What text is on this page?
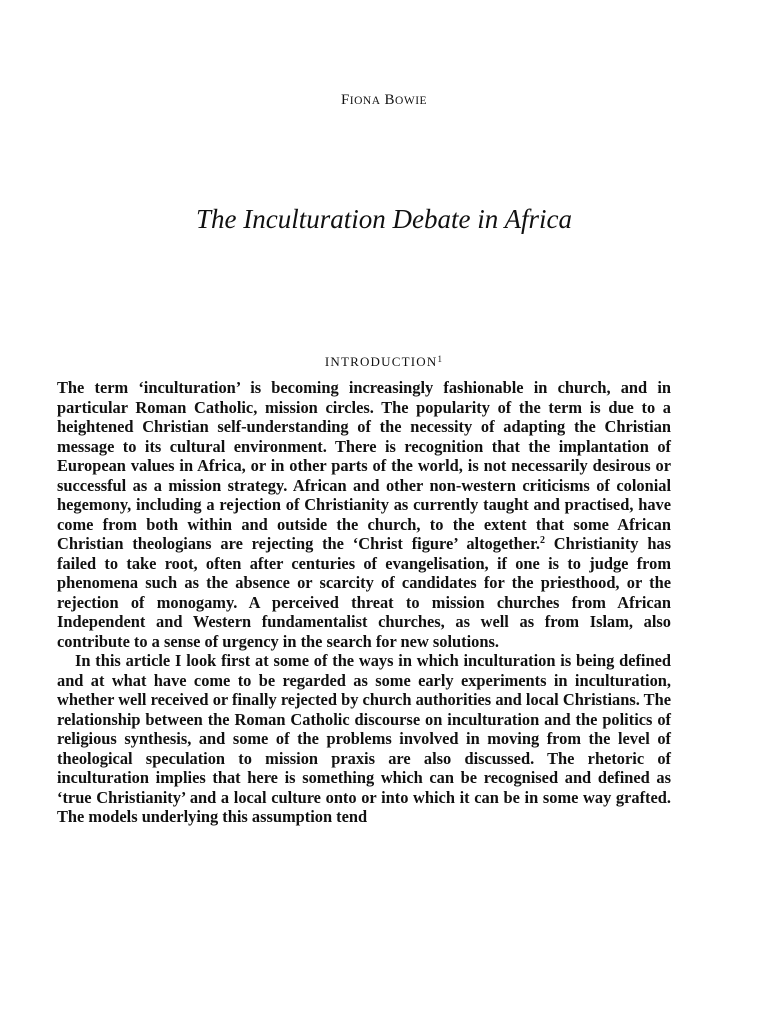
FIONA BOWIE
The Inculturation Debate in Africa
INTRODUCTION$^1$

The term ‘inculturation’ is becoming increasingly fashionable in church, and in particular Roman Catholic, mission circles. The popularity of the term is due to a heightened Christian self-understanding of the necessity of adapting the Christian message to its cultural environment. There is recognition that the implantation of European values in Africa, or in other parts of the world, is not necessarily desirous or successful as a mission strategy. African and other non-western criticisms of colonial hegemony, including a rejection of Christianity as currently taught and practised, have come from both within and outside the church, to the extent that some African Christian theologians are rejecting the ‘Christ figure’ altogether.$^2$ Christianity has failed to take root, often after centuries of evangelisation, if one is to judge from phenomena such as the absence or scarcity of candidates for the priesthood, or the rejection of monogamy. A perceived threat to mission churches from African Independent and Western fundamentalist churches, as well as from Islam, also contribute to a sense of urgency in the search for new solutions.

In this article I look first at some of the ways in which inculturation is being defined and at what have come to be regarded as some early experiments in inculturation, whether well received or finally rejected by church authorities and local Christians. The relationship between the Roman Catholic discourse on inculturation and the politics of religious synthesis, and some of the problems involved in moving from the level of theological speculation to mission praxis are also discussed. The rhetoric of inculturation implies that here is something which can be recognised and defined as ‘true Christianity’ and a local culture onto or into which it can be in some way grafted. The models underlying this assumption tend
